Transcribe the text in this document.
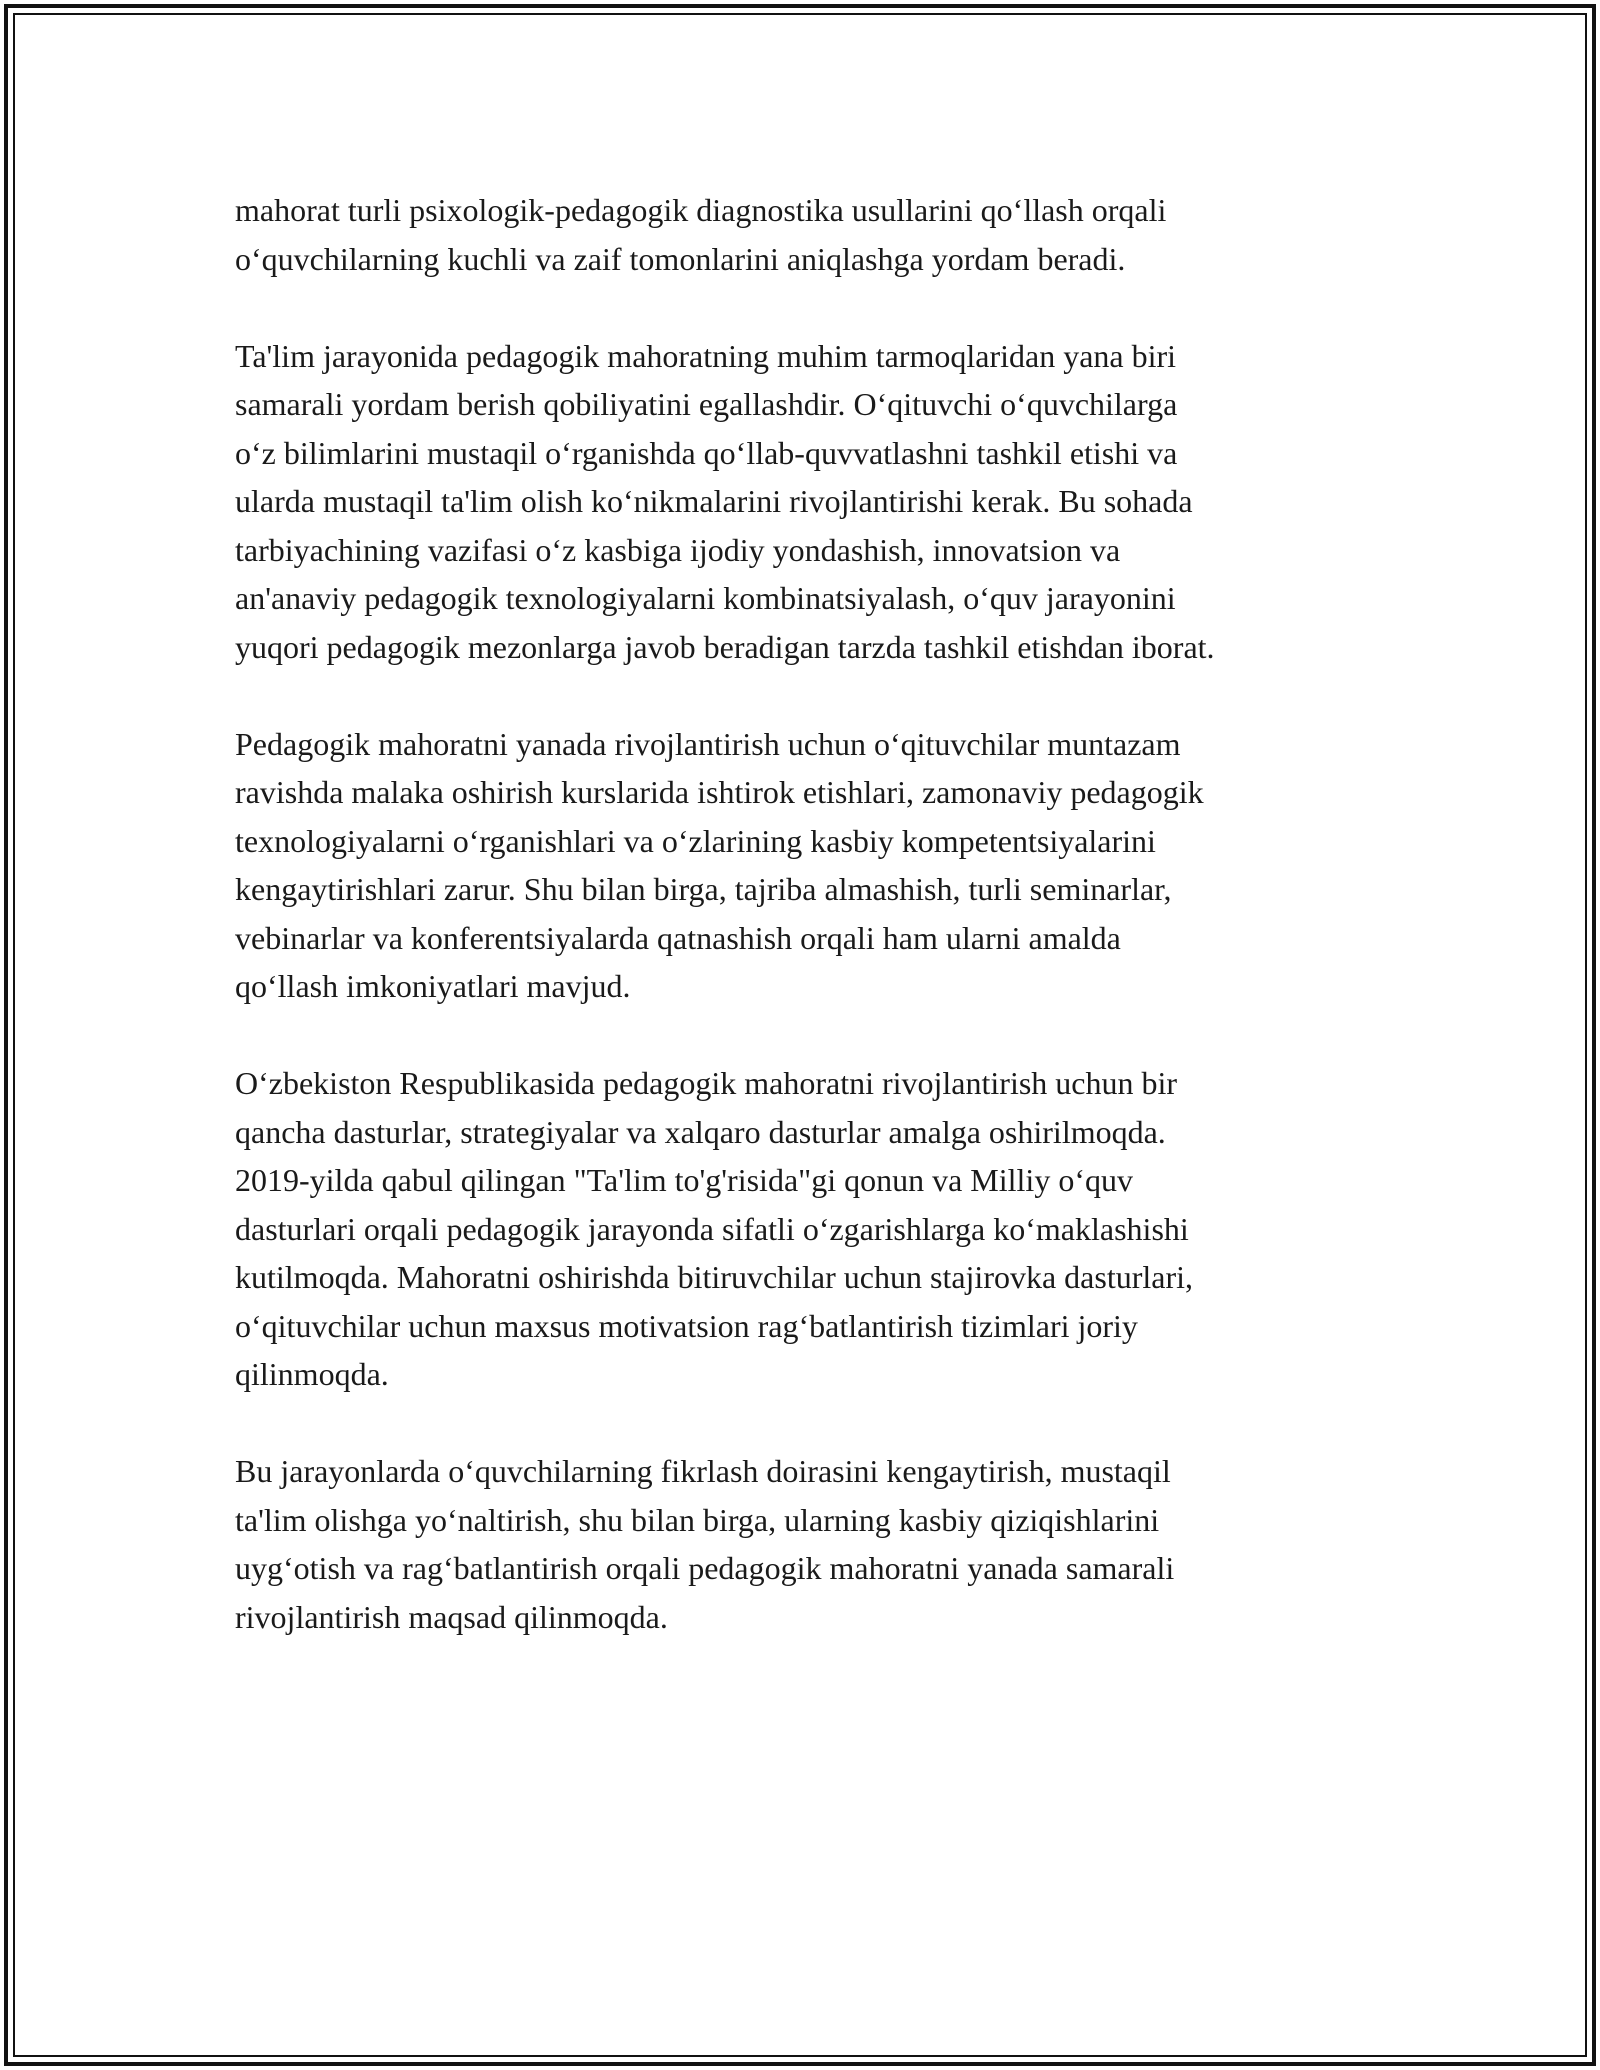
mahorat turli psixologik-pedagogik diagnostika usullarini qo‘llash orqali
o‘quvchilarning kuchli va zaif tomonlarini aniqlashga yordam beradi.

Ta'lim jarayonida pedagogik mahoratning muhim tarmoqlaridan yana biri
samarali yordam berish qobiliyatini egallashdir. O‘qituvchi o‘quvchilarga
o‘z bilimlarini mustaqil o‘rganishda qo‘llab-quvvatlashni tashkil etishi va
ularda mustaqil ta'lim olish ko‘nikmalarini rivojlantirishi kerak. Bu sohada
tarbiyachining vazifasi o‘z kasbiga ijodiy yondashish, innovatsion va
an'anaviy pedagogik texnologiyalarni kombinatsiyalash, o‘quv jarayonini
yuqori pedagogik mezonlarga javob beradigan tarzda tashkil etishdan iborat.

Pedagogik mahoratni yanada rivojlantirish uchun o‘qituvchilar muntazam
ravishda malaka oshirish kurslarida ishtirok etishlari, zamonaviy pedagogik
texnologiyalarni o‘rganishlari va o‘zlarining kasbiy kompetentsiyalarini
kengaytirishlari zarur. Shu bilan birga, tajriba almashish, turli seminarlar,
vebinarlar va konferentsiyalarda qatnashish orqali ham ularni amalda
qo‘llash imkoniyatlari mavjud.

O‘zbekiston Respublikasida pedagogik mahoratni rivojlantirish uchun bir
qancha dasturlar, strategiyalar va xalqaro dasturlar amalga oshirilmoqda.
2019-yilda qabul qilingan "Ta'lim to'g'risida"gi qonun va Milliy o‘quv
dasturlari orqali pedagogik jarayonda sifatli o‘zgarishlarga ko‘maklashishi
kutilmoqda. Mahoratni oshirishda bitiruvchilar uchun stajirovka dasturlari,
o‘qituvchilar uchun maxsus motivatsion rag‘batlantirish tizimlari joriy
qilinmoqda.

Bu jarayonlarda o‘quvchilarning fikrlash doirasini kengaytirish, mustaqil
ta'lim olishga yo‘naltirish, shu bilan birga, ularning kasbiy qiziqishlarini
uyg‘otish va rag‘batlantirish orqali pedagogik mahoratni yanada samarali
rivojlantirish maqsad qilinmoqda.
